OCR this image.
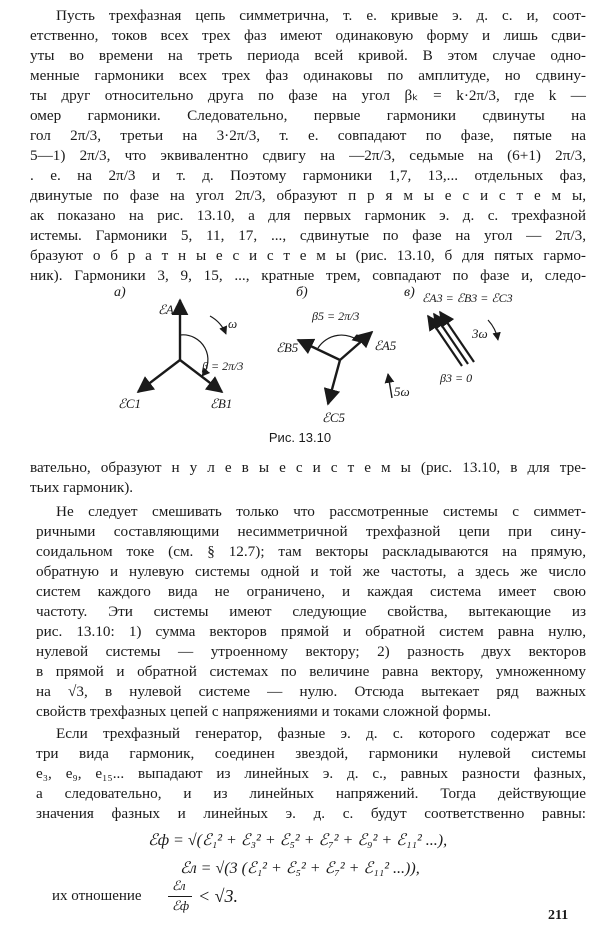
Пусть трехфазная цепь симметрична, т. е. кривые э. д. с. и, соот-
етственно, токов всех трех фаз имеют одинаковую форму и лишь сдви-
уты во времени на треть периода всей кривой. В этом случае одно-
менные гармоники всех трех фаз одинаковы по амплитуде, но сдвину-
ты друг относительно друга по фазе на угол βₖ = k·2π/3, где k —
омер гармоники. Следовательно, первые гармоники сдвинуты на
гол 2π/3, третьи на 3·2π/3, т. е. совпадают по фазе, пятые на
5—1) 2π/3, что эквивалентно сдвигу на —2π/3, седьмые на (6+1) 2π/3,
. е. на 2π/3 и т. д. Поэтому гармоники 1,7, 13,... отдельных фаз,
двинутые по фазе на угол 2π/3, образуют п р я м ы е с и с т е м ы,
ак показано на рис. 13.10, а для первых гармоник э. д. с. трехфазной
истемы. Гармоники 5, 11, 17, ..., сдвинутые по фазе на угол — 2π/3,
бразуют о б р а т н ы е с и с т е м ы (рис. 13.10, б для пятых гармо-
ник). Гармоники 3, 9, 15, ..., кратные трем, совпадают по фазе и, следо-
а)
ℰA1
ℰC1	ℰB1
ω
β = 2π/3
б)
β5 = 2π/3
ℰA5
ℰB5
ℰC5
5ω
в) ℰA3 = ℰB3 = ℰC3
3ω
β3 = 0
Рис. 13.10
вательно, образуют н у л е в ы е с и с т е м ы (рис. 13.10, в для тре-
тьих гармоник).
Не следует смешивать только что рассмотренные системы с симмет-
ричными составляющими несимметричной трехфазной цепи при сину-
соидальном токе (см. § 12.7); там векторы раскладываются на прямую,
обратную и нулевую системы одной и той же частоты, а здесь же число
систем каждого вида не ограничено, и каждая система имеет свою
частоту. Эти системы имеют следующие свойства, вытекающие из
рис. 13.10: 1) сумма векторов прямой и обратной систем равна нулю,
нулевой системы — утроенному вектору; 2) разность двух векторов
в прямой и обратной системах по величине равна вектору, умноженному
на √3, в нулевой системе — нулю. Отсюда вытекает ряд важных
свойств трехфазных цепей с напряжениями и токами сложной формы.
Если трехфазный генератор, фазные э. д. с. которого содержат все
три вида гармоник, соединен звездой, гармоники нулевой системы
e₃, e₉, e₁₅... выпадают из линейных э. д. с., равных разности фазных,
а следовательно, и из линейных напряжений. Тогда действующие
значения фазных и линейных э. д. с. будут соответственно равны:
ℰф = √(ℰ₁² + ℰ₃² + ℰ₅² + ℰ₇² + ℰ₉² + ℰ₁₁² ...),
ℰл = √(3 (ℰ₁² + ℰ₅² + ℰ₇² + ℰ₁₁² ...)),
их отношение
ℰл
ℰф < √3.
211
